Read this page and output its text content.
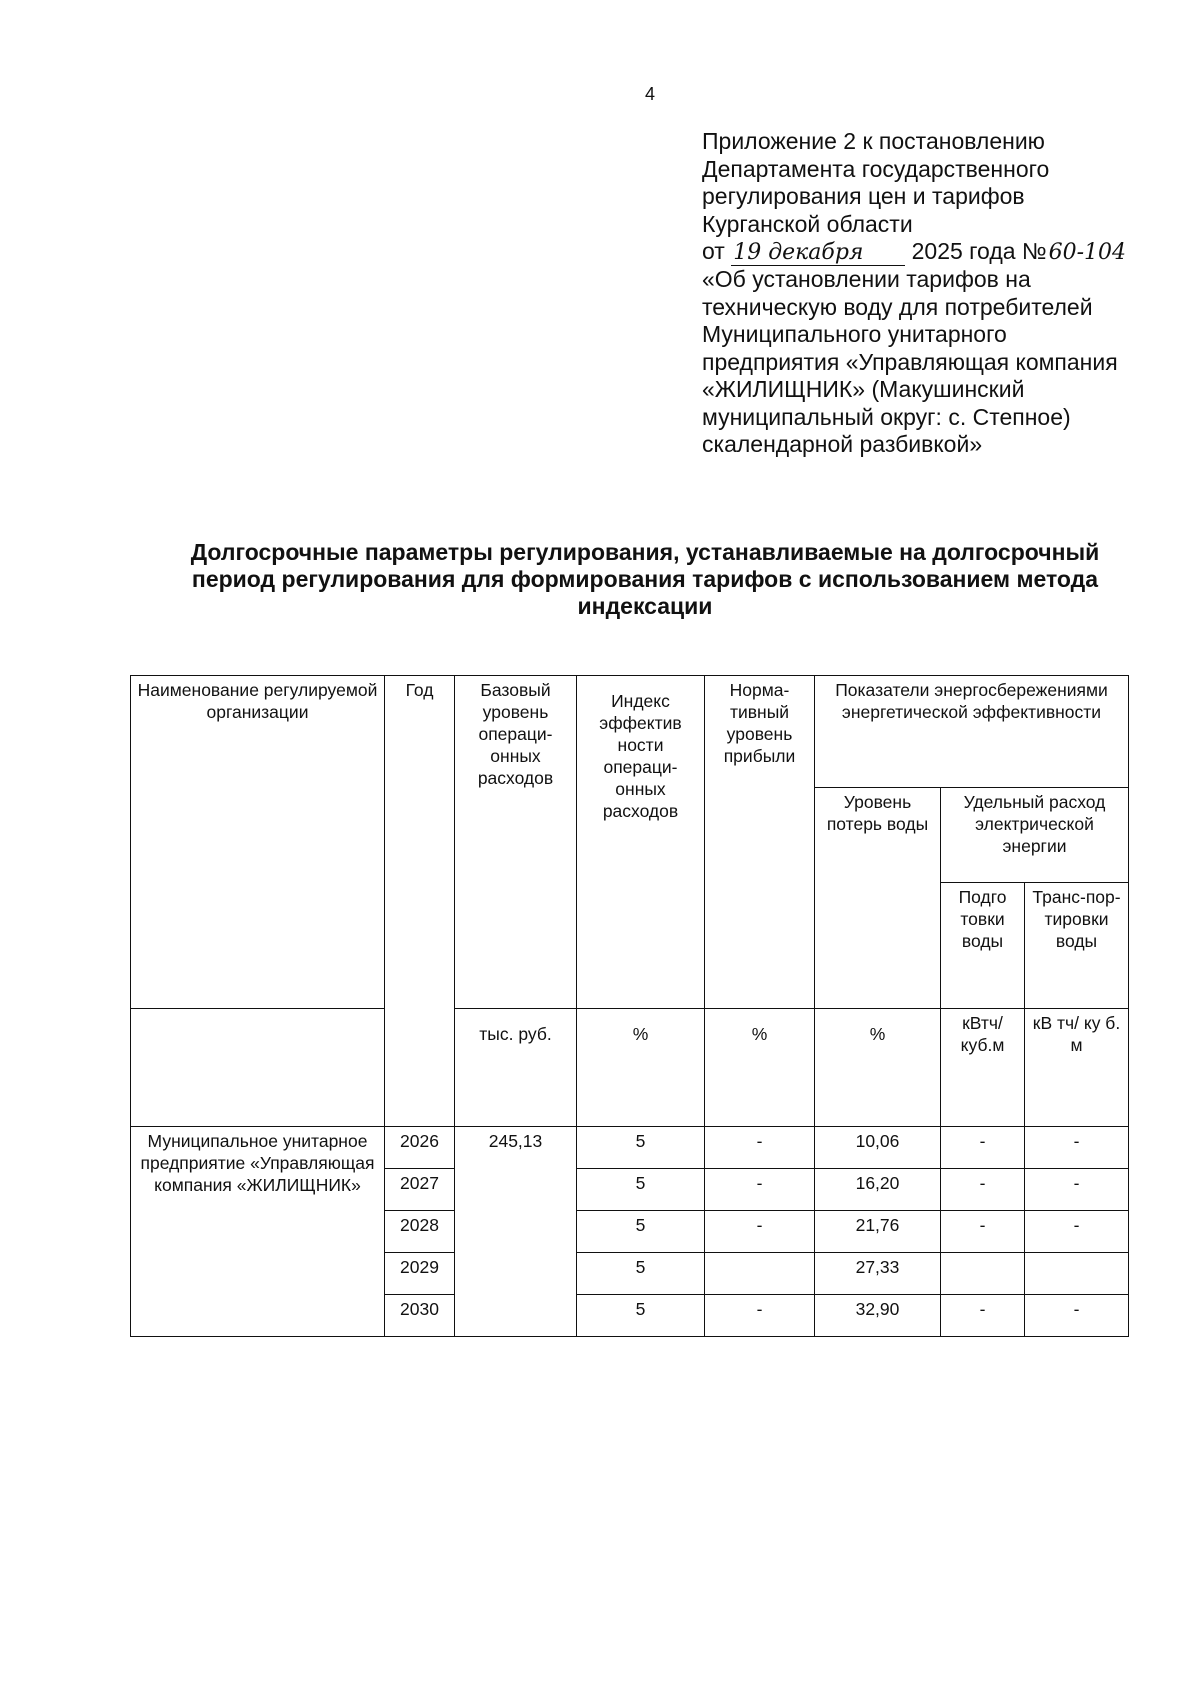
4
Приложение 2 к постановлению
Департамента государственного
регулирования цен и тарифов
Курганской области
от 19 декабря 2025 года №60-104
«Об установлении тарифов на
техническую воду для потребителей
Муниципального унитарного
предприятия «Управляющая компания
«ЖИЛИЩНИК» (Макушинский
муниципальный округ: с. Степное)
скалендарной разбивкой»
Долгосрочные параметры регулирования, устанавливаемые на долгосрочный
период регулирования для формирования тарифов с использованием метода
индексации
Наименование регулируемой организации	Год	Базовый уровень операци-онных расходов	Индекс эффектив ности операци-онных расходов	Норма-тивный уровень прибыли	Показатели энергосбережениями энергетической эффективности		
					Уровень потерь воды	Удельный расход электрической энергии	
						Подго товки воды	Транс-пор-тировки воды
		тыс. руб.	%	%	%	кВтч/ куб.м	кВ тч/ ку б. м
Муниципальное унитарное предприятие «Управляющая компания «ЖИЛИЩНИК»	2026	245,13	5	-	10,06	-	-
	2027		5	-	16,20	-	-
	2028		5	-	21,76	-	-
	2029		5		27,33		
	2030		5	-	32,90	-	-
